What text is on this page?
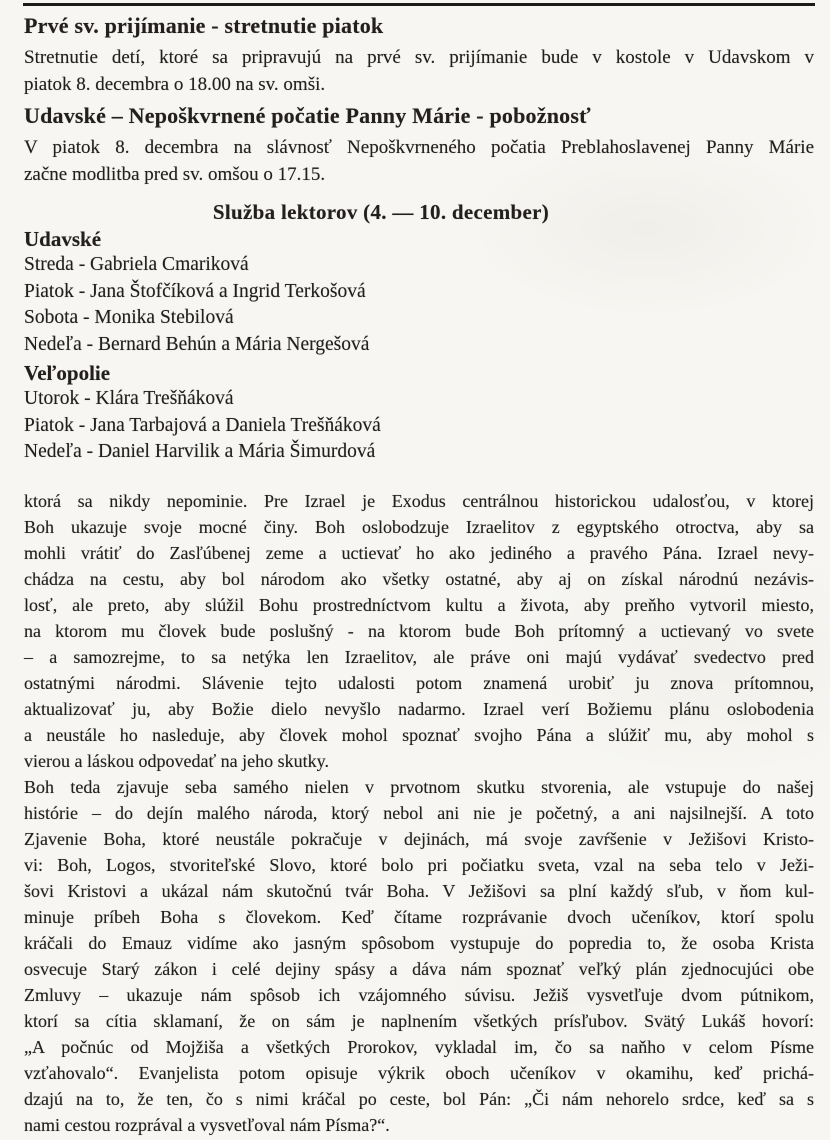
Prvé sv. prijímanie - stretnutie piatok
Stretnutie detí, ktoré sa pripravujú na prvé sv. prijímanie bude v kostole v Udavskom v
piatok 8. decembra o 18.00 na sv. omši.
Udavské – Nepoškvrnené počatie Panny Márie - pobožnosť
V piatok 8. decembra na slávnosť Nepoškvrneného počatia Preblahoslavenej Panny Márie
začne modlitba pred sv. omšou o 17.15.
Služba lektorov (4. — 10. december)
Udavské
Streda - Gabriela Cmariková
Piatok - Jana Štofčíková a Ingrid Terkošová
Sobota - Monika Stebilová
Nedeľa - Bernard Behún a Mária Nergešová
Veľopolie
Utorok - Klára Trešňáková
Piatok - Jana Tarbajová a Daniela Trešňáková
Nedeľa - Daniel Harvilik a Mária Šimurdová
ktorá sa nikdy nepominie. Pre Izrael je Exodus centrálnou historickou udalosťou, v ktorej
Boh ukazuje svoje mocné činy. Boh oslobodzuje Izraelitov z egyptského otroctva, aby sa
mohli vrátiť do Zasľúbenej zeme a uctievať ho ako jediného a pravého Pána. Izrael nevy-
chádza na cestu, aby bol národom ako všetky ostatné, aby aj on získal národnú nezávis-
losť, ale preto, aby slúžil Bohu prostredníctvom kultu a života, aby preňho vytvoril miesto,
na ktorom mu človek bude poslušný - na ktorom bude Boh prítomný a uctievaný vo svete
– a samozrejme, to sa netýka len Izraelitov, ale práve oni majú vydávať svedectvo pred
ostatnými národmi. Slávenie tejto udalosti potom znamená urobiť ju znova prítomnou,
aktualizovať ju, aby Božie dielo nevyšlo nadarmo. Izrael verí Božiemu plánu oslobodenia
a neustále ho nasleduje, aby človek mohol spoznať svojho Pána a slúžiť mu, aby mohol s
vierou a láskou odpovedať na jeho skutky.
Boh teda zjavuje seba samého nielen v prvotnom skutku stvorenia, ale vstupuje do našej
histórie – do dejín malého národa, ktorý nebol ani nie je početný, a ani najsilnejší. A toto
Zjavenie Boha, ktoré neustále pokračuje v dejinách, má svoje zavŕšenie v Ježišovi Kristo-
vi: Boh, Logos, stvoriteľské Slovo, ktoré bolo pri počiatku sveta, vzal na seba telo v Ježi-
šovi Kristovi a ukázal nám skutočnú tvár Boha. V Ježišovi sa plní každý sľub, v ňom kul-
minuje príbeh Boha s človekom. Keď čítame rozprávanie dvoch učeníkov, ktorí spolu
kráčali do Emauz vidíme ako jasným spôsobom vystupuje do popredia to, že osoba Krista
osvecuje Starý zákon i celé dejiny spásy a dáva nám spoznať veľký plán zjednocujúci obe
Zmluvy – ukazuje nám spôsob ich vzájomného súvisu. Ježiš vysvetľuje dvom pútnikom,
ktorí sa cítia sklamaní, že on sám je naplnením všetkých prísľubov. Svätý Lukáš hovorí:
„A počnúc od Mojžiša a všetkých Prorokov, vykladal im, čo sa naňho v celom Písme
vzťahovalo“. Evanjelista potom opisuje výkrik oboch učeníkov v okamihu, keď prichá-
dzajú na to, že ten, čo s nimi kráčal po ceste, bol Pán: „Či nám nehorelo srdce, keď sa s
nami cestou rozprával a vysvetľoval nám Písma?“.
